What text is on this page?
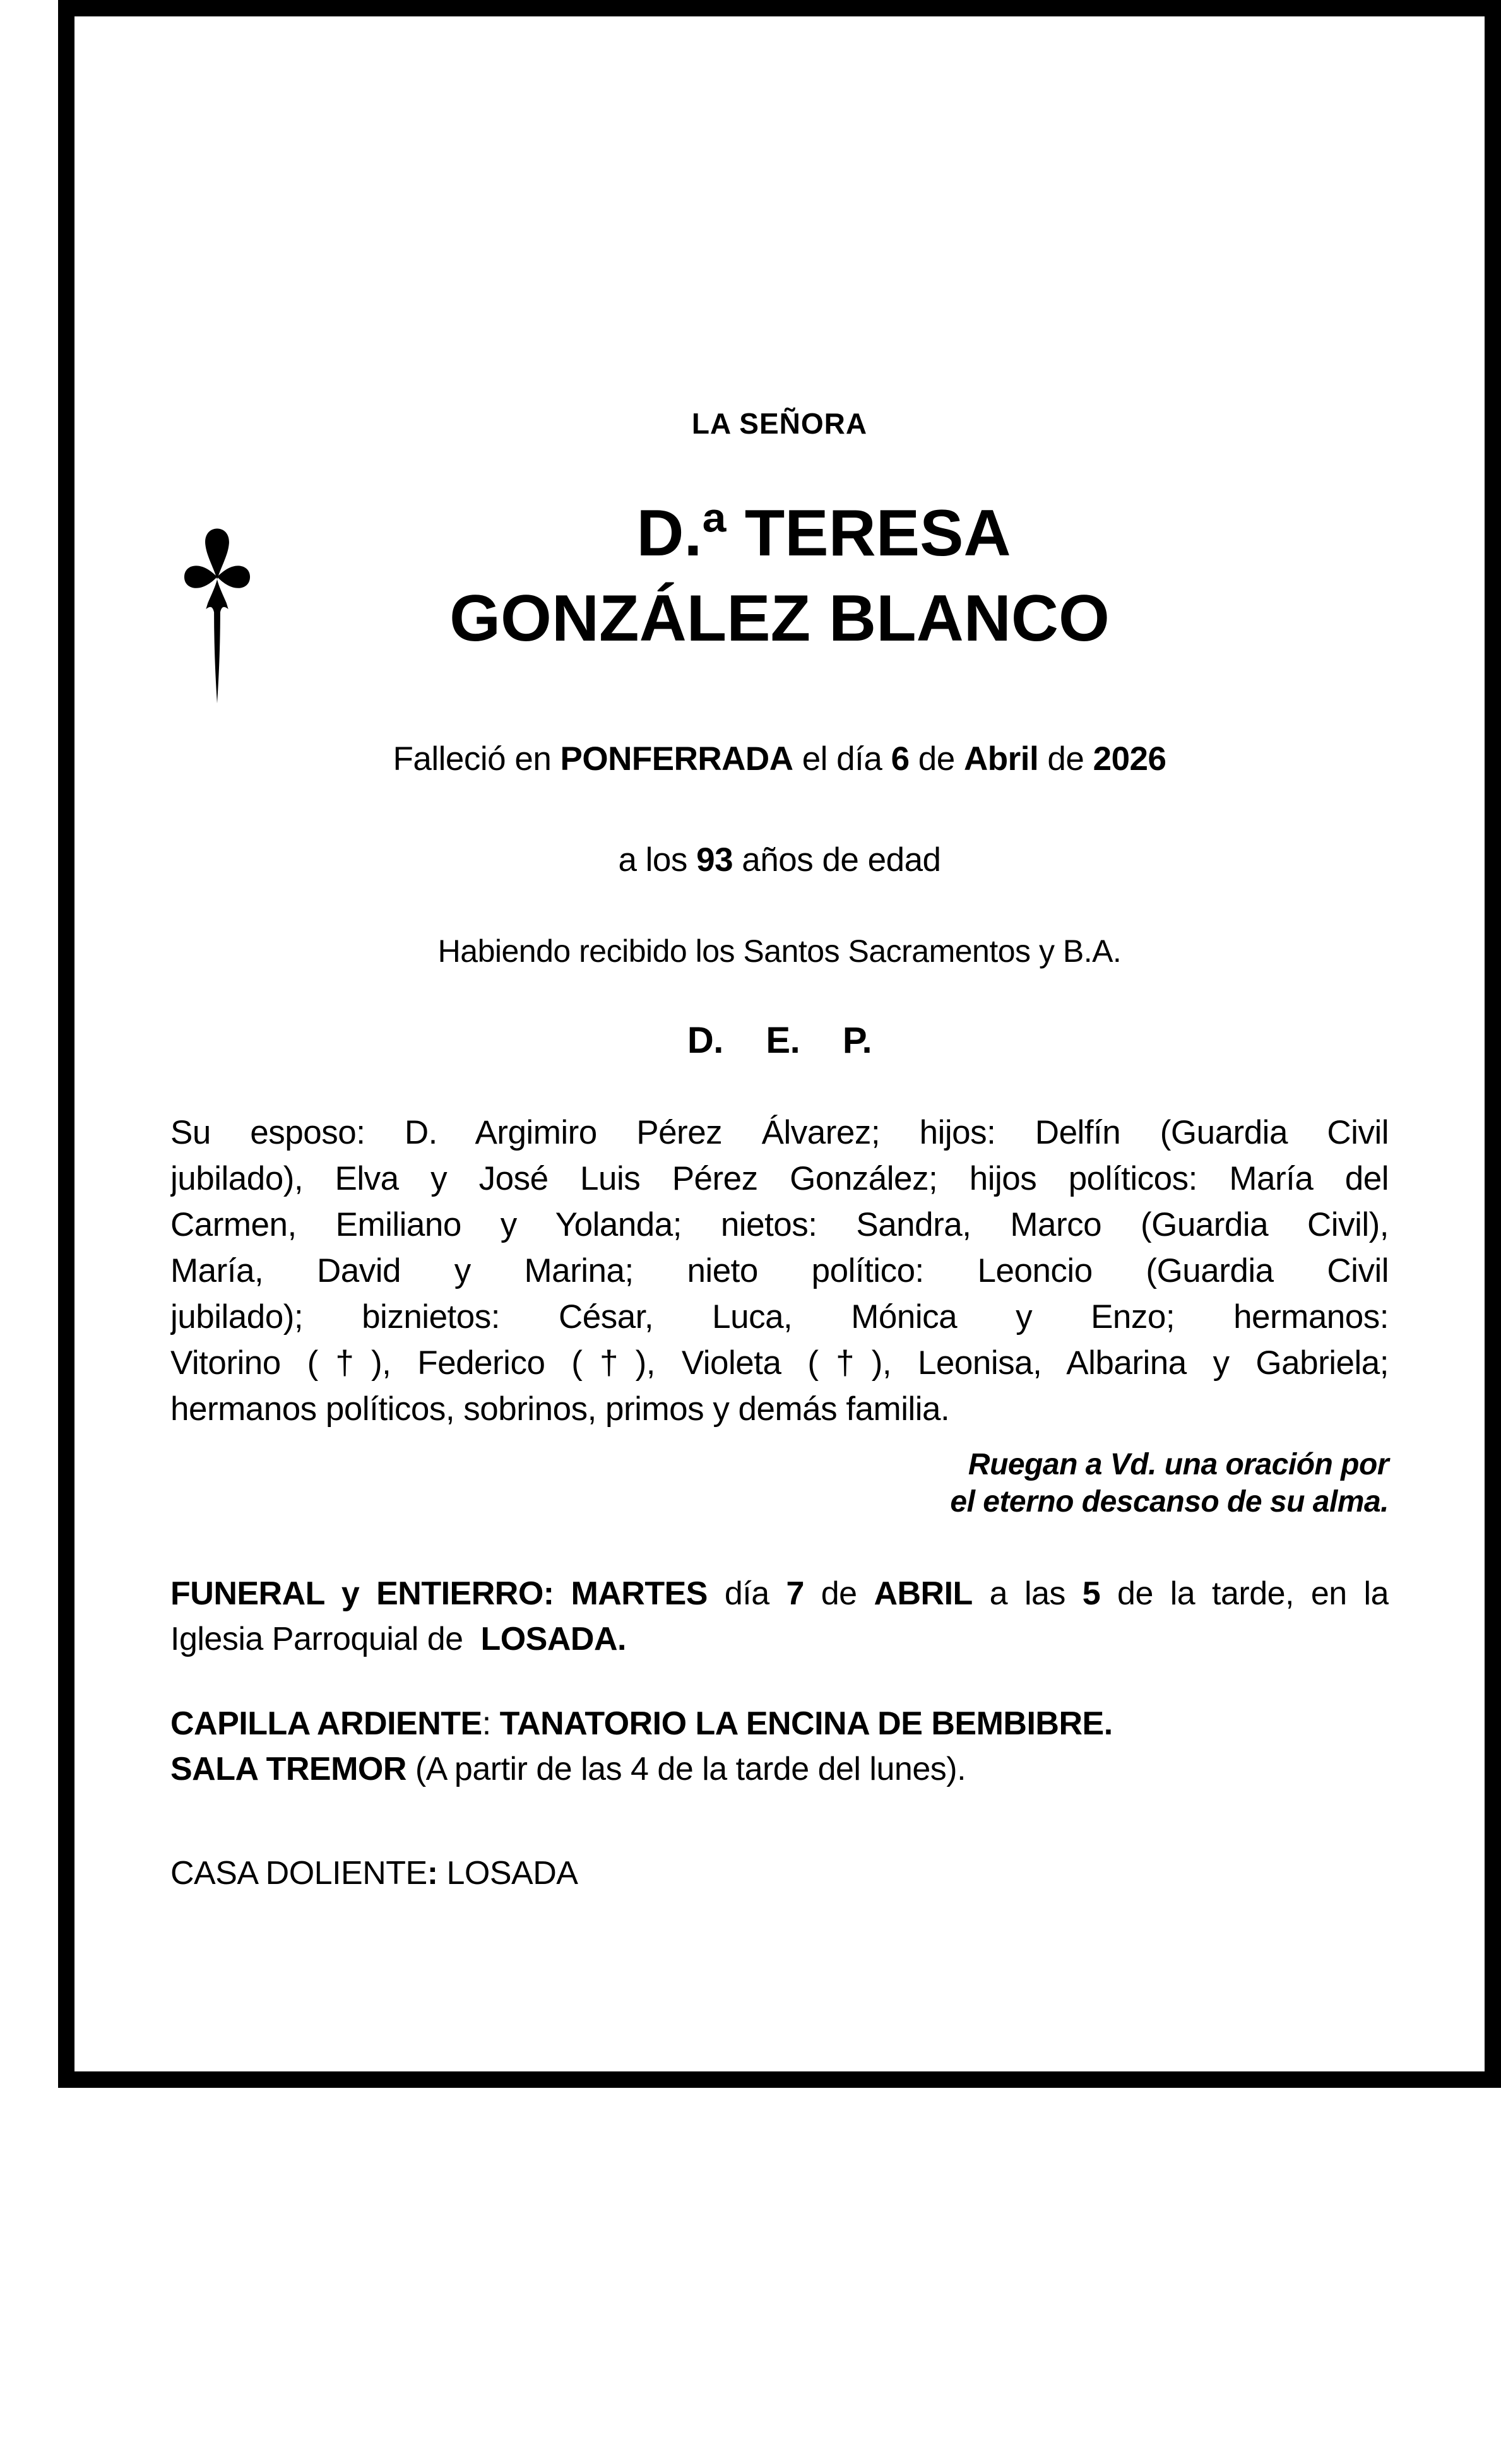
LA SEÑORA
D.ª TERESA
GONZÁLEZ BLANCO
Falleció en PONFERRADA el día 6 de Abril de 2026
a los 93 años de edad
Habiendo recibido los Santos Sacramentos y B.A.
D. E. P.
Su esposo: D. Argimiro Pérez Álvarez; hijos: Delfín (Guardia Civil
jubilado), Elva y José Luis Pérez González; hijos políticos: María del
Carmen, Emiliano y Yolanda; nietos: Sandra, Marco (Guardia Civil),
María, David y Marina; nieto político: Leoncio (Guardia Civil
jubilado); biznietos: César, Luca, Mónica y Enzo; hermanos:
Vitorino (†), Federico (†), Violeta (†), Leonisa, Albarina y Gabriela;
hermanos políticos, sobrinos, primos y demás familia.
Ruegan a Vd. una oración por
el eterno descanso de su alma.
FUNERAL y ENTIERRO: MARTES día 7 de ABRIL a las 5 de la tarde, en la
Iglesia Parroquial de  LOSADA.
CAPILLA ARDIENTE: TANATORIO LA ENCINA DE BEMBIBRE.
SALA TREMOR (A partir de las 4 de la tarde del lunes).
CASA DOLIENTE: LOSADA
